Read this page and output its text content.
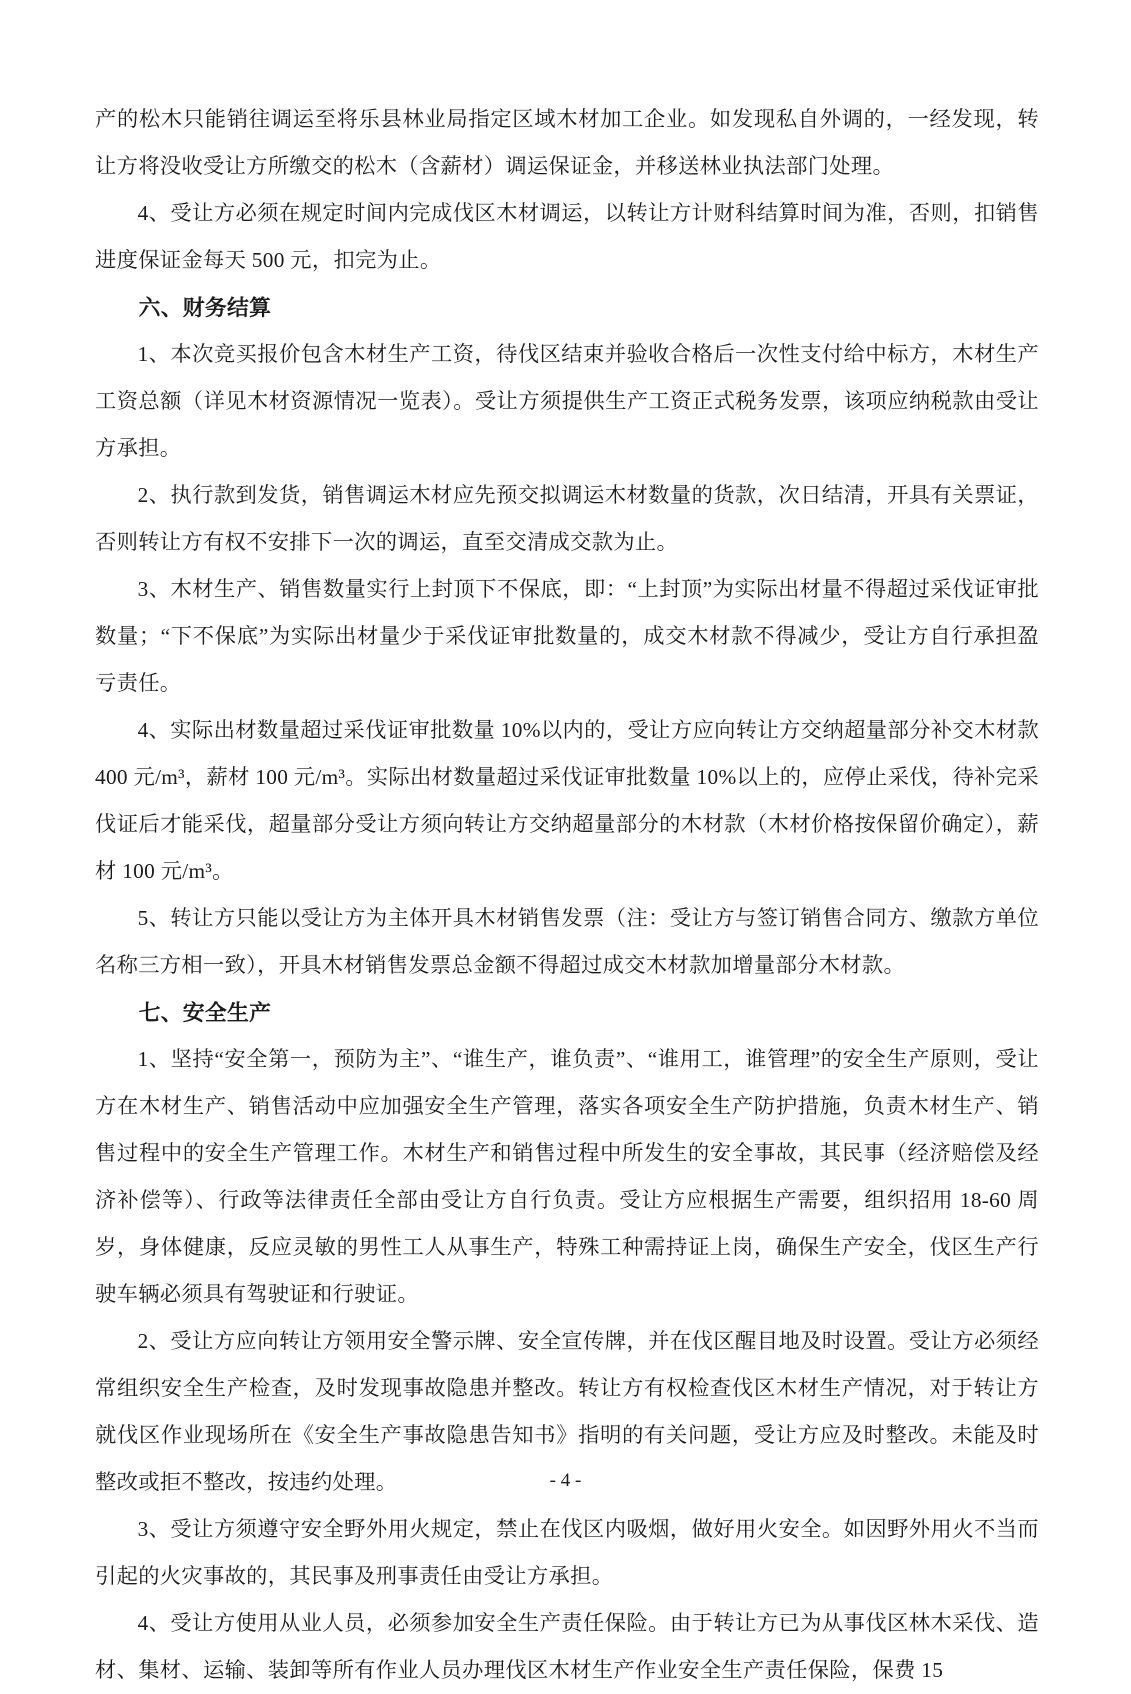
产的松木只能销往调运至将乐县林业局指定区域木材加工企业。如发现私自外调的，一经发现，转让方将没收受让方所缴交的松木（含薪材）调运保证金，并移送林业执法部门处理。

4、受让方必须在规定时间内完成伐区木材调运，以转让方计财科结算时间为准，否则，扣销售进度保证金每天 500 元，扣完为止。

六、财务结算

1、本次竞买报价包含木材生产工资，待伐区结束并验收合格后一次性支付给中标方，木材生产工资总额（详见木材资源情况一览表）。受让方须提供生产工资正式税务发票，该项应纳税款由受让方承担。

2、执行款到发货，销售调运木材应先预交拟调运木材数量的货款，次日结清，开具有关票证，否则转让方有权不安排下一次的调运，直至交清成交款为止。

3、木材生产、销售数量实行上封顶下不保底，即：“上封顶”为实际出材量不得超过采伐证审批数量；“下不保底”为实际出材量少于采伐证审批数量的，成交木材款不得减少，受让方自行承担盈亏责任。

4、实际出材数量超过采伐证审批数量 10%以内的，受让方应向转让方交纳超量部分补交木材款 400 元/m³，薪材 100 元/m³。实际出材数量超过采伐证审批数量 10%以上的，应停止采伐，待补完采伐证后才能采伐，超量部分受让方须向转让方交纳超量部分的木材款（木材价格按保留价确定），薪材 100 元/m³。

5、转让方只能以受让方为主体开具木材销售发票（注：受让方与签订销售合同方、缴款方单位名称三方相一致），开具木材销售发票总金额不得超过成交木材款加增量部分木材款。

七、安全生产

1、坚持“安全第一，预防为主”、“谁生产，谁负责”、“谁用工，谁管理”的安全生产原则，受让方在木材生产、销售活动中应加强安全生产管理，落实各项安全生产防护措施，负责木材生产、销售过程中的安全生产管理工作。木材生产和销售过程中所发生的安全事故，其民事（经济赔偿及经济补偿等）、行政等法律责任全部由受让方自行负责。受让方应根据生产需要，组织招用 18-60 周岁，身体健康，反应灵敏的男性工人从事生产，特殊工种需持证上岗，确保生产安全，伐区生产行驶车辆必须具有驾驶证和行驶证。

2、受让方应向转让方领用安全警示牌、安全宣传牌，并在伐区醒目地及时设置。受让方必须经常组织安全生产检查，及时发现事故隐患并整改。转让方有权检查伐区木材生产情况，对于转让方就伐区作业现场所在《安全生产事故隐患告知书》指明的有关问题，受让方应及时整改。未能及时整改或拒不整改，按违约处理。

3、受让方须遵守安全野外用火规定，禁止在伐区内吸烟，做好用火安全。如因野外用火不当而引起的火灾事故的，其民事及刑事责任由受让方承担。

4、受让方使用从业人员，必须参加安全生产责任保险。由于转让方已为从事伐区林木采伐、造材、集材、运输、装卸等所有作业人员办理伐区木材生产作业安全生产责任保险，保费 15

- 4 -
